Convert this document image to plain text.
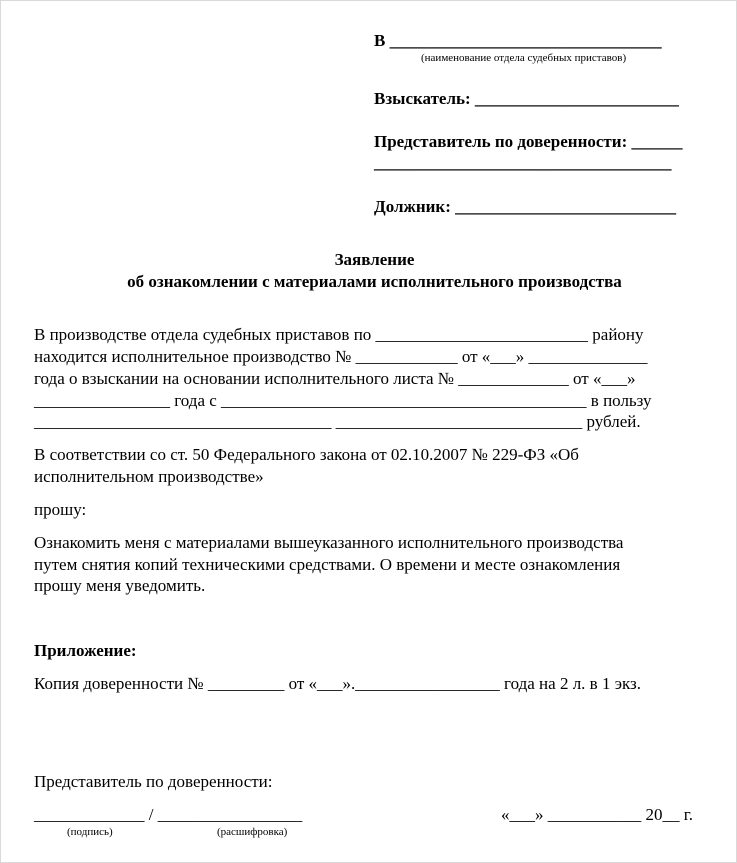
В ________________________________
(наименование отдела судебных приставов)
Взыскатель: ________________________
Представитель по доверенности: ______
___________________________________
Должник: __________________________
Заявление
об ознакомлении с материалами исполнительного производства
В производстве отдела судебных приставов по _________________________ району
находится исполнительное производство № ____________ от «___» ______________
года о взыскании на основании исполнительного листа № _____________ от «___»
________________ года с ___________________________________________ в пользу
___________________________________ _____________________________ рублей.
В соответствии со ст. 50 Федерального закона от 02.10.2007 № 229-ФЗ «Об
исполнительном производстве»
прошу:
Ознакомить меня с материалами вышеуказанного исполнительного производства
путем снятия копий техническими средствами. О времени и месте ознакомления
прошу меня уведомить.
Приложение:
Копия доверенности № _________ от «___»._________________ года на 2 л. в 1 экз.
Представитель по доверенности:
_____________ / _________________
(подпись)	(расшифровка)
«___» ___________ 20__ г.
